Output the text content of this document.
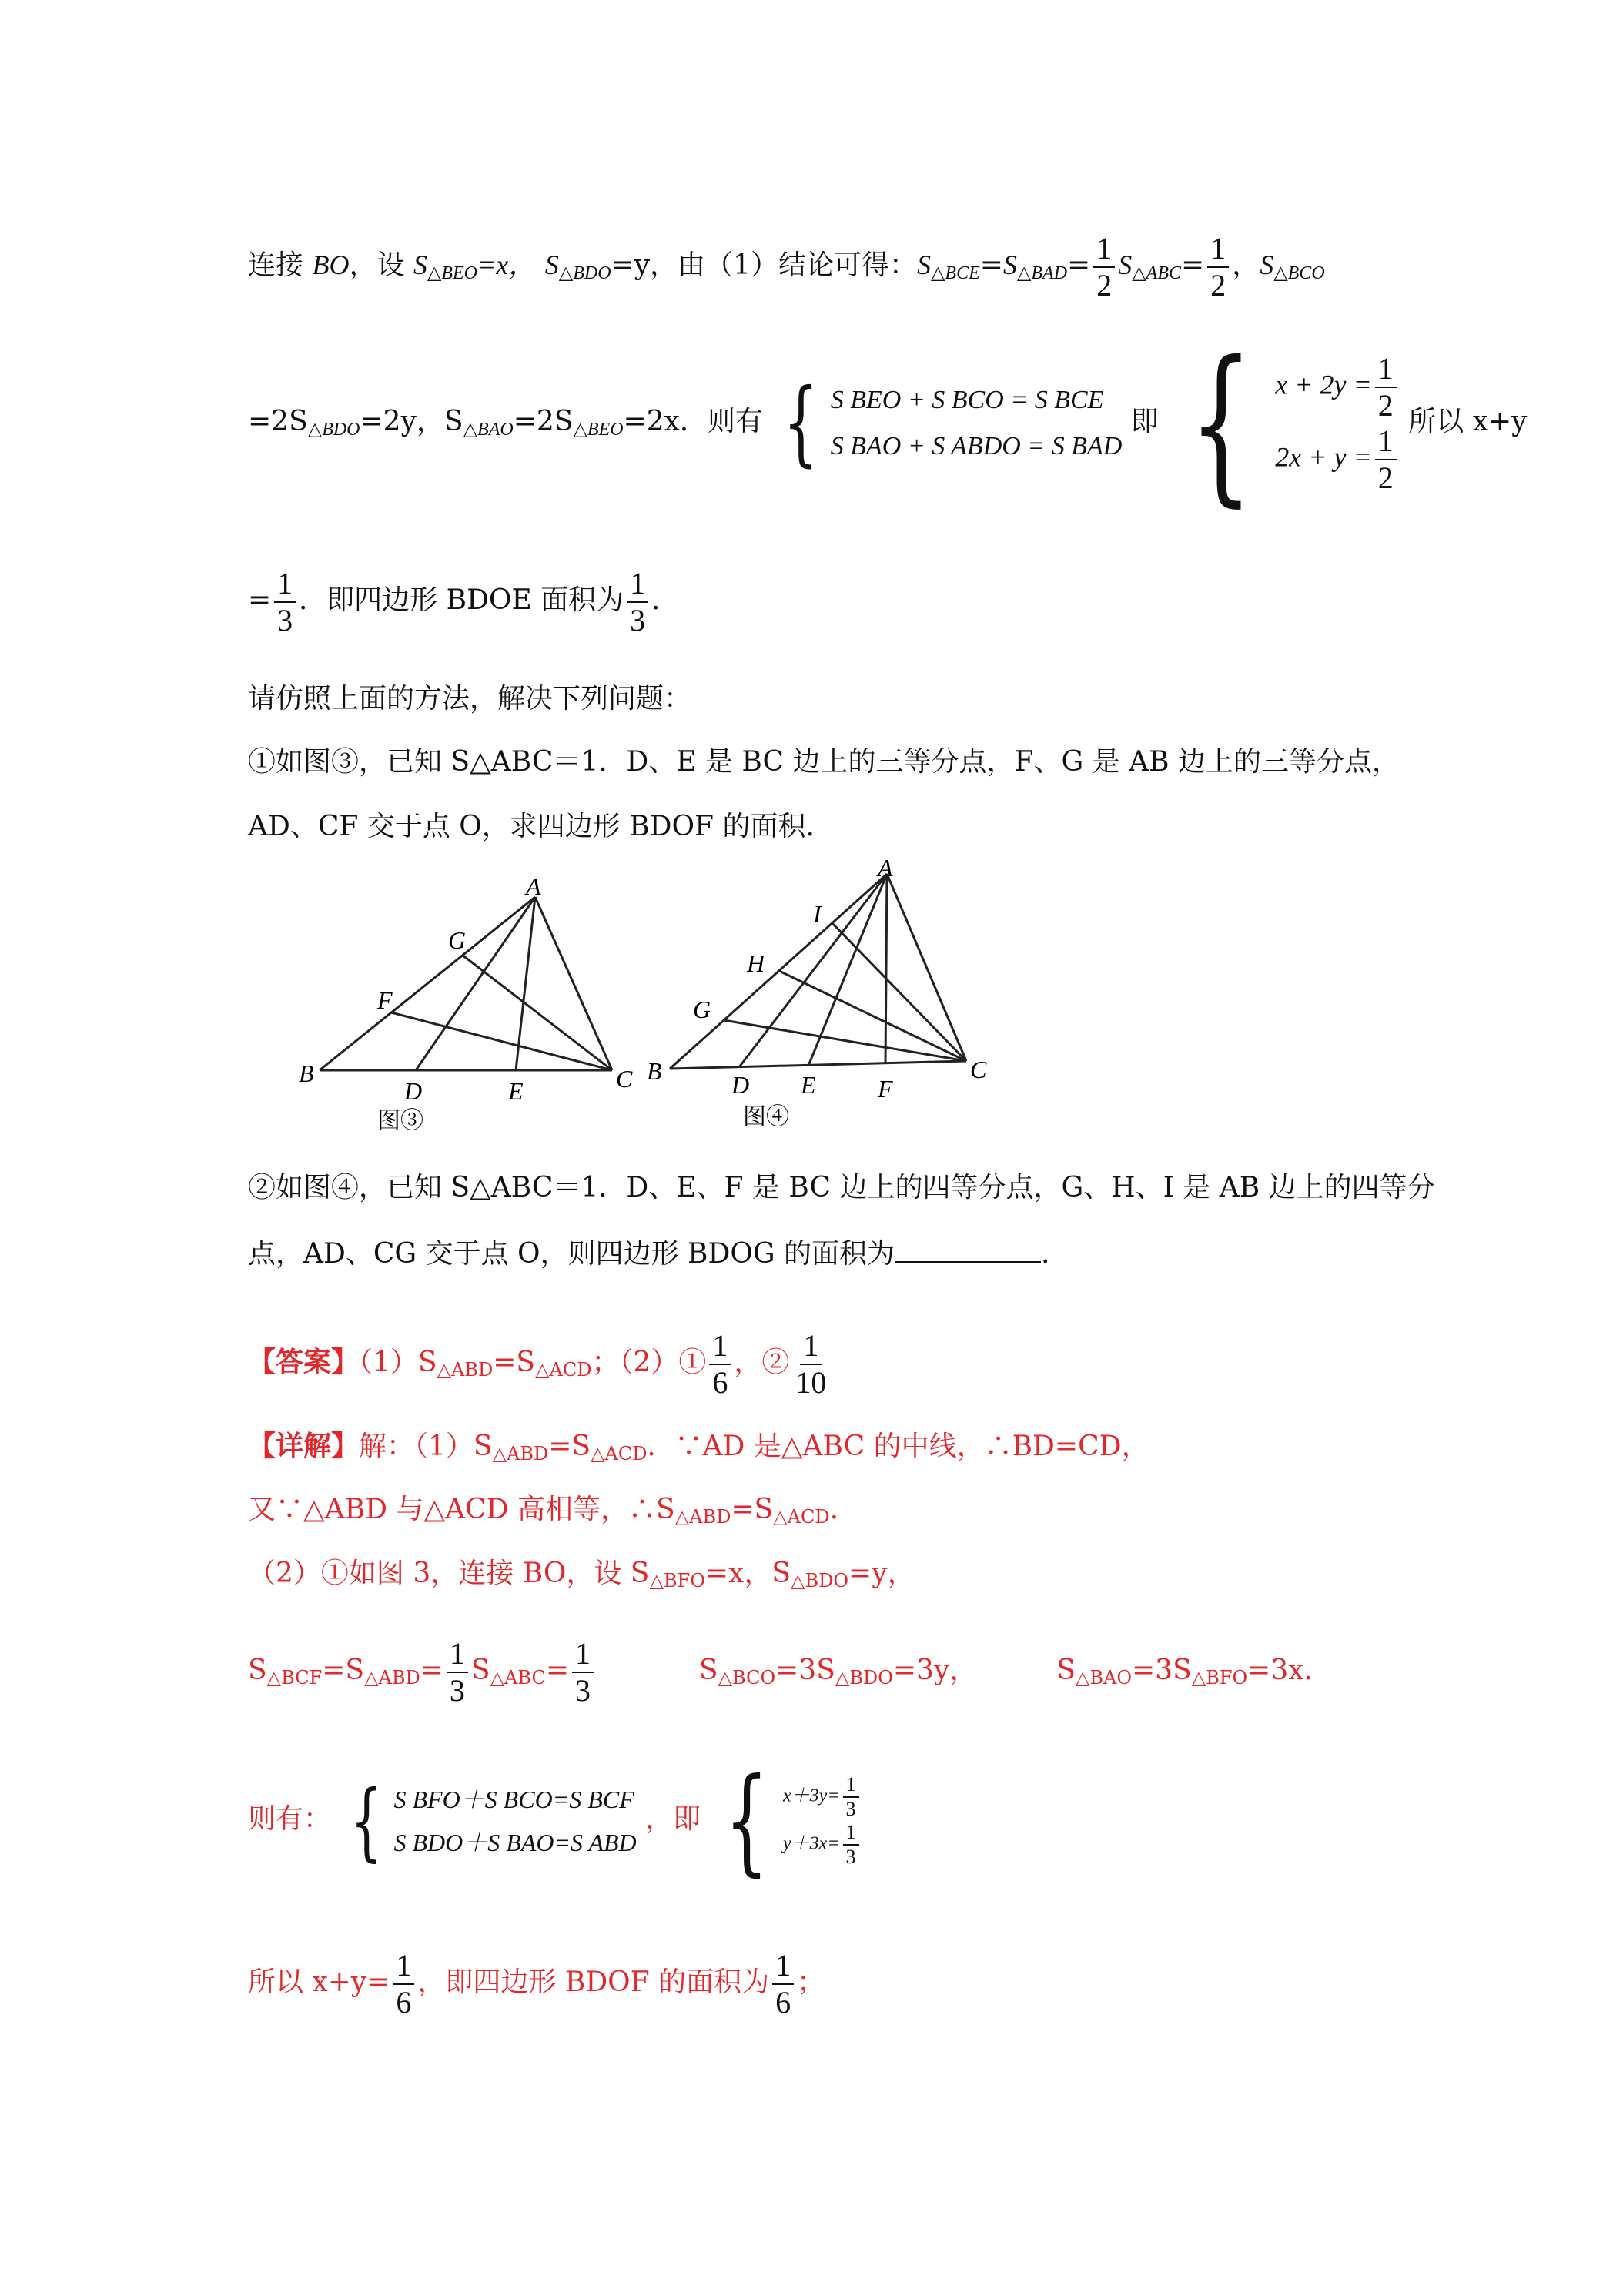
连接 BO，设 $S_{\triangle BEO}=x$， $S_{\triangle BDO}=y$，由（1）结论可得：$S_{\triangle BCE}=S_{\triangle BAD}= \frac{1}{2} S_{\triangle ABC}= \frac{1}{2}$ ，$S_{\triangle BCO}$
$=2S_{\triangle BDO}=2y$，$S_{\triangle BAO}=2S_{\triangle BEO}=2x$．则有 { S BEO + S BCO = S BCE
S BAO + S ABDO = S BAD
即 { $x + 2y = \frac{1}{2}$
$2x + y = \frac{1}{2}$
所以 x+y
= $\frac{1}{3}$ ．即四边形 BDOE 面积为 $\frac{1}{3}$ ．
请仿照上面的方法，解决下列问题：
①如图③，已知 S△ABC＝1．D、E 是 BC 边上的三等分点，F、G 是 AB 边上的三等分点，
AD、CF 交于点 O，求四边形 BDOF 的面积.
A
G
F
B
D	E	C
图③
A
I
H
G
B	D E	F
C
图④
②如图④，已知 S△ABC＝1．D、E、F 是 BC 边上的四等分点，G、H、I 是 AB 边上的四等分
点，AD、CG 交于点 O，则四边形 BDOG 的面积为	.
【答案】$(1)S_{\triangle ABD}=S_{\triangle ACD}$；（2）① $\frac{1}{6}$ ，② $\frac{1}{10}$
【详解】解：$(1)S_{\triangle ABD}=S_{\triangle ACD}$．∵AD 是△ABC 的中线，∴BD=CD，
又∵△ABD 与△ACD 高相等，$\therefore S_{\triangle ABD}=S_{\triangle ACD}$.
（2）①如图 3，连接 BO，设 $S_{\triangle BFO}=x$，$S_{\triangle BDO}=y$，
$S_{\triangle BCF}=S_{\triangle ABD}= \frac{1}{3} S_{\triangle ABC}= \frac{1}{3}$	$S_{\triangle BCO}=3S_{\triangle BDO}=3y$，	$S_{\triangle BAO}=3S_{\triangle BFO}=3x$.
则有： { S BFO＋S BCO=S BCF
S BDO＋S BAO=S ABD
，即 { $x+3y= \frac{1}{3}$
$y+3x= \frac{1}{3}$
所以 $x+y= \frac{1}{6}$ ，即四边形 BDOF 的面积为 $\frac{1}{6}$ ；
